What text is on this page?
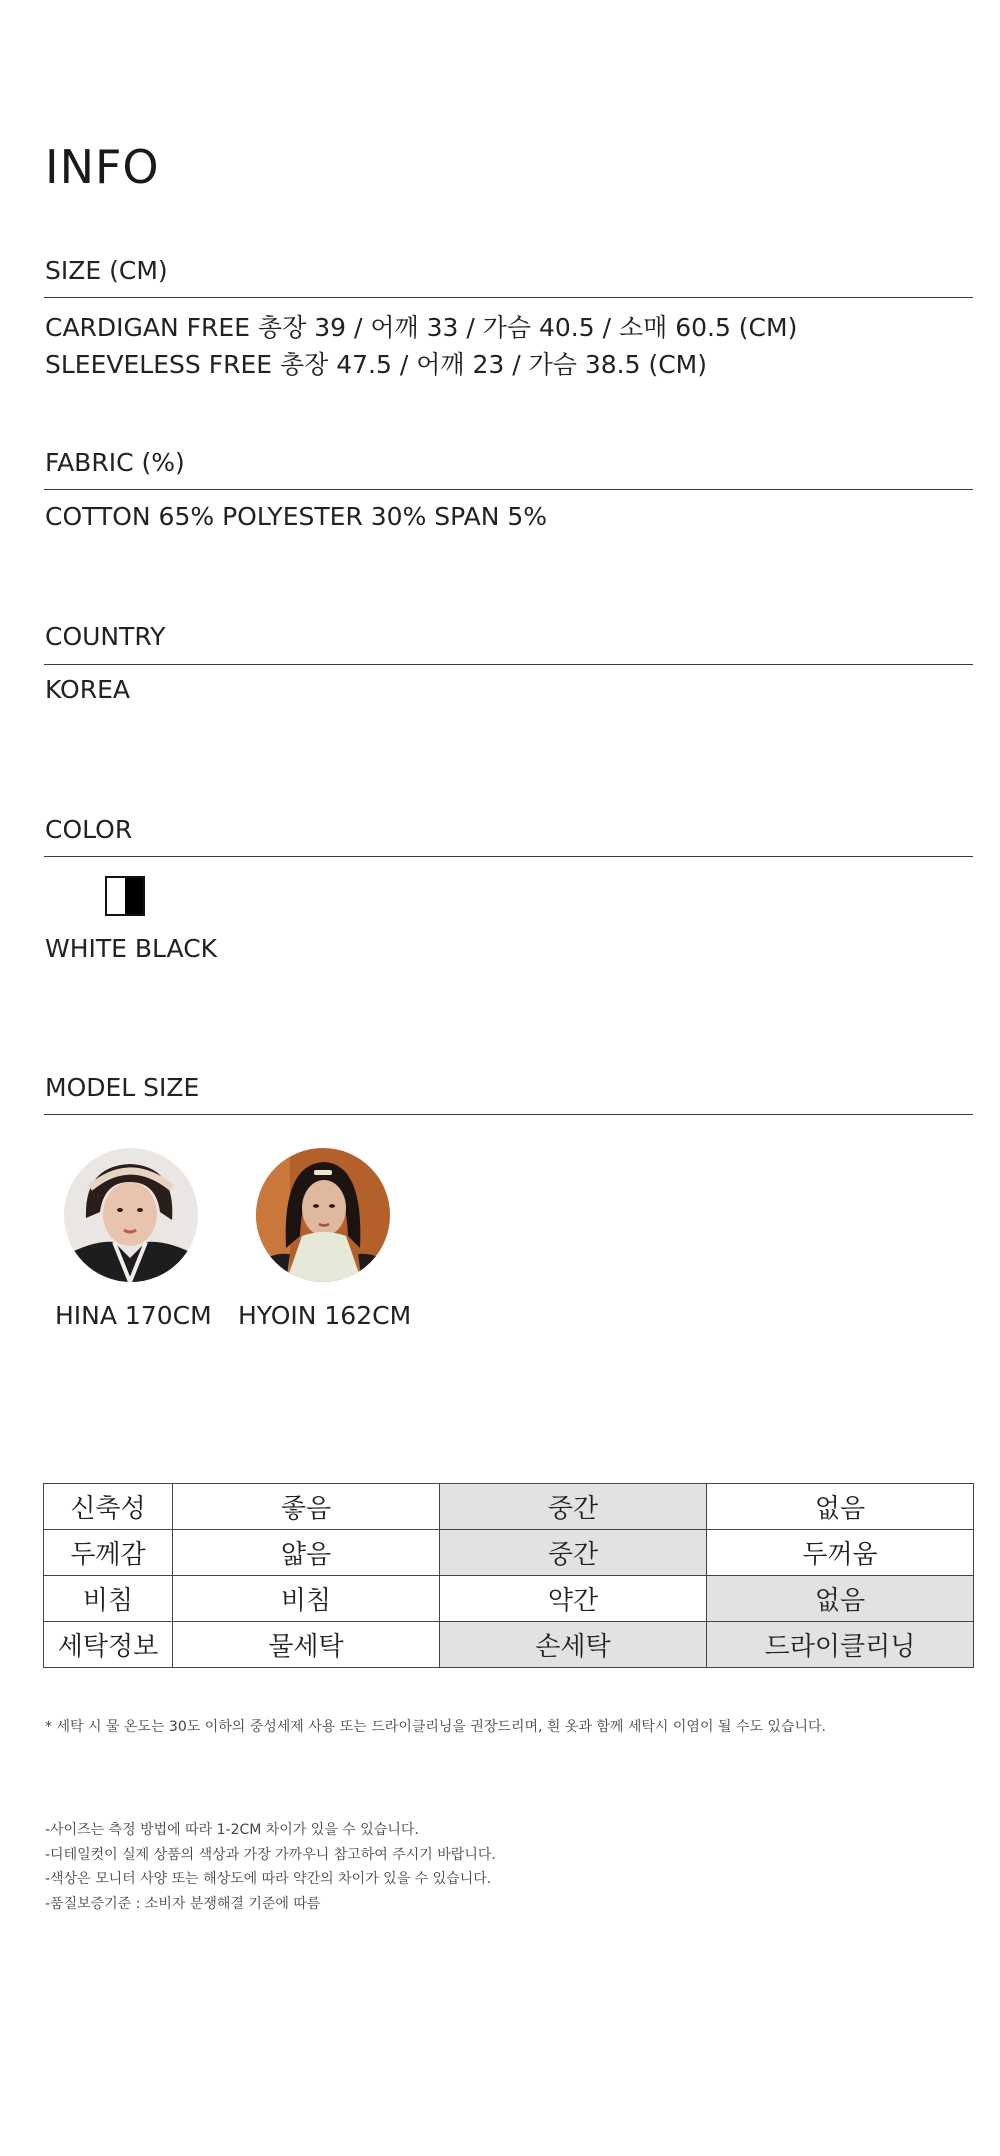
INFO
SIZE (CM)
CARDIGAN FREE 총장 39 / 어깨 33 / 가슴 40.5 / 소매 60.5 (CM)
SLEEVELESS FREE 총장 47.5 / 어깨 23 / 가슴 38.5 (CM)
FABRIC (%)
COTTON 65% POLYESTER 30% SPAN 5%
COUNTRY
KOREA
COLOR
WHITE BLACK
MODEL SIZE
HINA 170CM HYOIN 162CM
신축성	좋음	중간	없음
두께감	얇음	중간	두꺼움
비침	비침	약간	없음
세탁정보	물세탁	손세탁	드라이클리닝
* 세탁 시 물 온도는 30도 이하의 중성세제 사용 또는 드라이클리닝을 권장드리며, 흰 옷과 함께 세탁시 이염이 될 수도 있습니다.
-사이즈는 측정 방법에 따라 1-2CM 차이가 있을 수 있습니다.
-디테일컷이 실제 상품의 색상과 가장 가까우니 참고하여 주시기 바랍니다.
-색상은 모니터 사양 또는 해상도에 따라 약간의 차이가 있을 수 있습니다.
-품질보증기준 : 소비자 분쟁해결 기준에 따름
